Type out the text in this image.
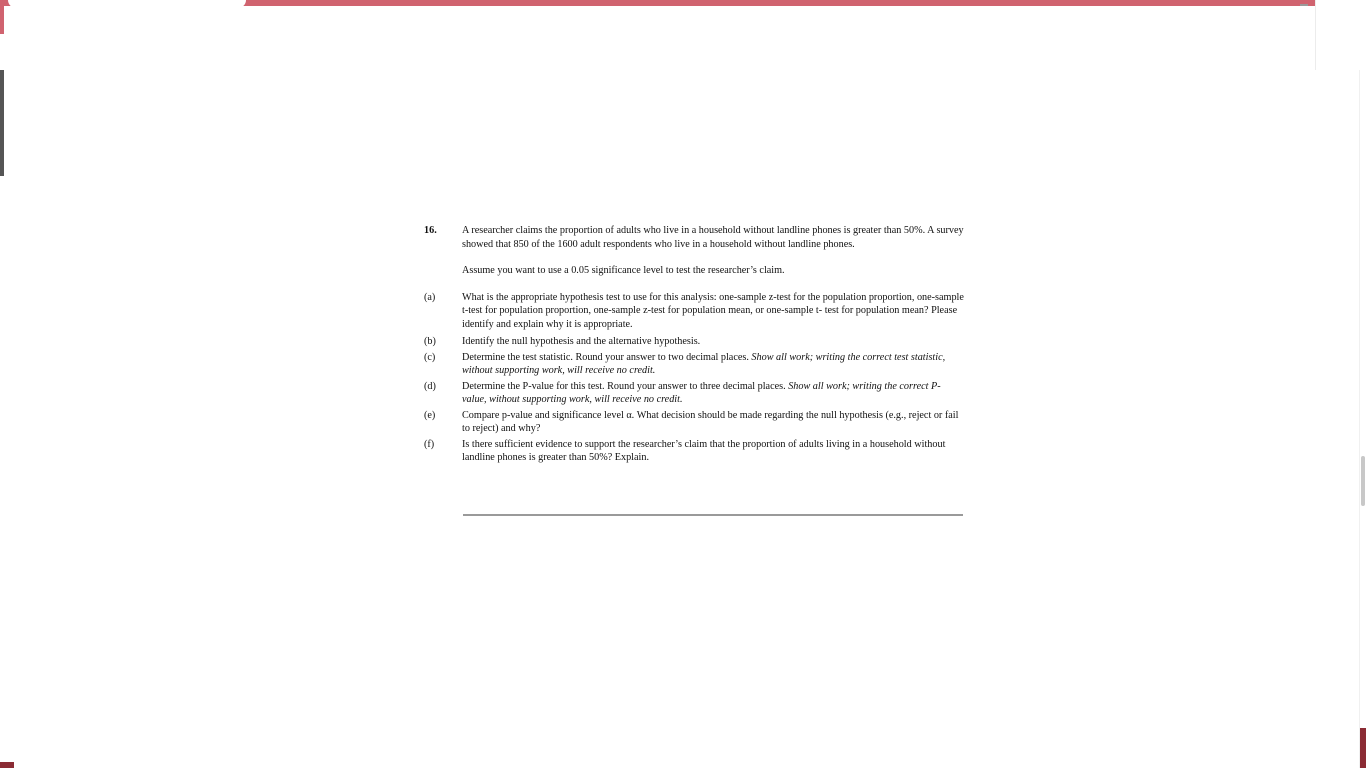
16.	A researcher claims the proportion of adults who live in a household without landline phones is greater than 50%. A survey showed that 850 of the 1600 adult respondents who live in a household without landline phones.
Assume you want to use a 0.05 significance level to test the researcher’s claim.
(a)	What is the appropriate hypothesis test to use for this analysis: one-sample z-test for the population proportion, one-sample t-test for population proportion, one-sample z-test for population mean, or one-sample t- test for population mean? Please identify and explain why it is appropriate.
(b)	Identify the null hypothesis and the alternative hypothesis.
(c)	Determine the test statistic. Round your answer to two decimal places. Show all work; writing the correct test statistic, without supporting work, will receive no credit.
(d)	Determine the P-value for this test. Round your answer to three decimal places. Show all work; writing the correct P-value, without supporting work, will receive no credit.
(e)	Compare p-value and significance level α. What decision should be made regarding the null hypothesis (e.g., reject or fail to reject) and why?
(f)	Is there sufficient evidence to support the researcher’s claim that the proportion of adults living in a household without landline phones is greater than 50%? Explain.
